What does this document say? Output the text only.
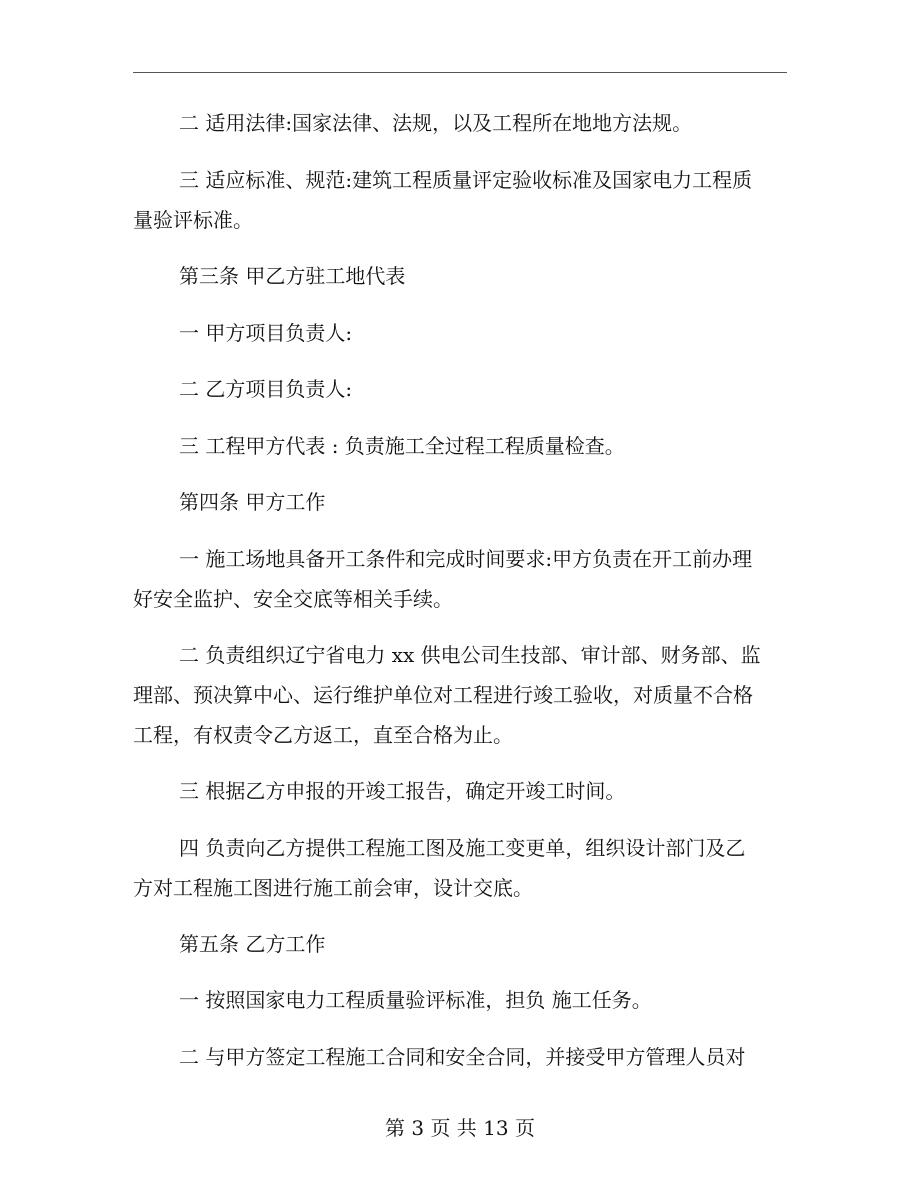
二 适用法律:国家法律、法规，以及工程所在地地方法规。
三 适应标准、规范:建筑工程质量评定验收标准及国家电力工程质
量验评标准。
第三条 甲乙方驻工地代表
一 甲方项目负责人:
二 乙方项目负责人:
三 工程甲方代表 : 负责施工全过程工程质量检查。
第四条 甲方工作
一 施工场地具备开工条件和完成时间要求:甲方负责在开工前办理
好安全监护、安全交底等相关手续。
二 负责组织辽宁省电力 xx 供电公司生技部、审计部、财务部、监
理部、预决算中心、运行维护单位对工程进行竣工验收，对质量不合格
工程，有权责令乙方返工，直至合格为止。
三 根据乙方申报的开竣工报告，确定开竣工时间。
四 负责向乙方提供工程施工图及施工变更单，组织设计部门及乙
方对工程施工图进行施工前会审，设计交底。
第五条 乙方工作
一 按照国家电力工程质量验评标准，担负 施工任务。
二 与甲方签定工程施工合同和安全合同，并接受甲方管理人员对
第 3 页 共 13 页
